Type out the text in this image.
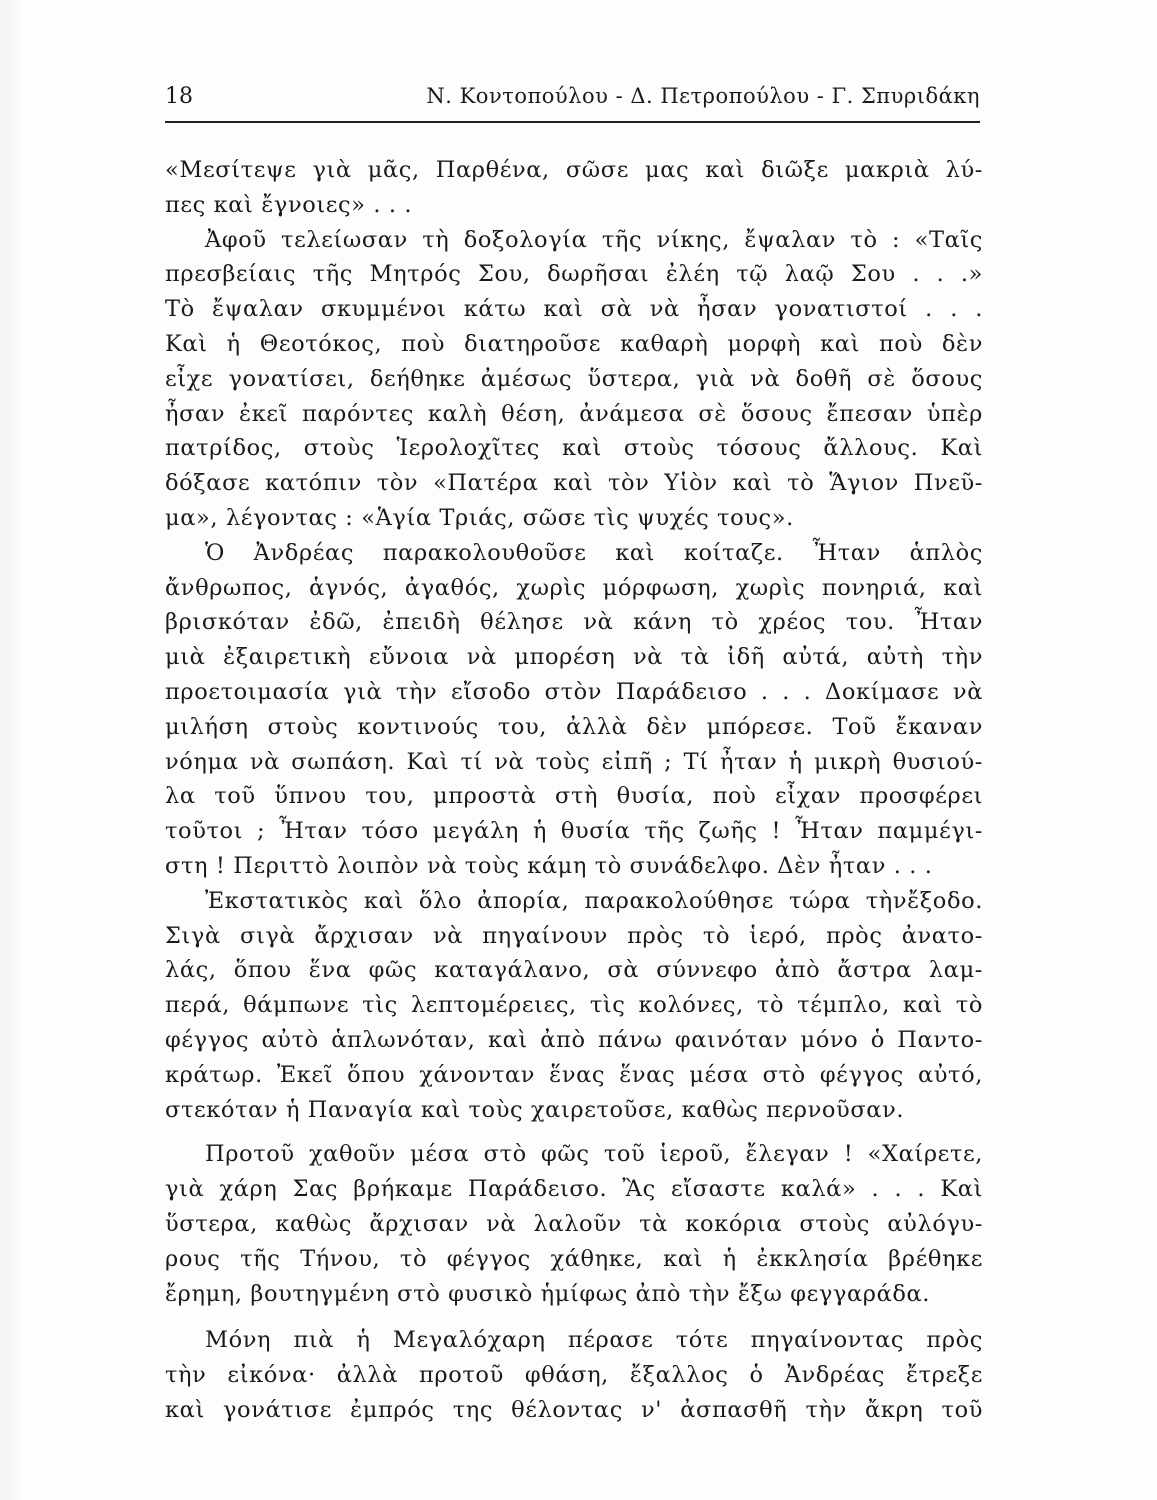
18	Ν. Κοντοπούλου - Δ. Πετροπούλου - Γ. Σπυριδάκη
«Μεσίτεψε γιὰ μᾶς, Παρθένα, σῶσε μας καὶ διῶξε μακριὰ λύ-
πες καὶ ἔγνοιες» . . .
Ἀφοῦ τελείωσαν τὴ δοξολογία τῆς νίκης, ἔψαλαν τὸ : «Ταῖς
πρεσβείαις τῆς Μητρός Σου, δωρῆσαι ἐλέη τῷ λαῷ Σου . . .»
Τὸ ἔψαλαν σκυμμένοι κάτω καὶ σὰ νὰ ἦσαν γονατιστοί . . .
Καὶ ἡ Θεοτόκος, ποὺ διατηροῦσε καθαρὴ μορφὴ καὶ ποὺ δὲν
εἶχε γονατίσει, δεήθηκε ἀμέσως ὕστερα, γιὰ νὰ δοθῆ σὲ ὅσους
ἦσαν ἐκεῖ παρόντες καλὴ θέση, ἀνάμεσα σὲ ὅσους ἔπεσαν ὑπὲρ
πατρίδος, στοὺς Ἱερολοχῖτες καὶ στοὺς τόσους ἄλλους. Καὶ
δόξασε κατόπιν τὸν «Πατέρα καὶ τὸν Υἱὸν καὶ τὸ Ἅγιον Πνεῦ-
μα», λέγοντας : «Ἁγία Τριάς, σῶσε τὶς ψυχές τους».
Ὁ Ἀνδρέας παρακολουθοῦσε καὶ κοίταζε. Ἦταν ἁπλὸς
ἄνθρωπος, ἁγνός, ἀγαθός, χωρὶς μόρφωση, χωρὶς πονηριά, καὶ
βρισκόταν ἐδῶ, ἐπειδὴ θέλησε νὰ κάνη τὸ χρέος του. Ἦταν
μιὰ ἐξαιρετικὴ εὔνοια νὰ μπορέση νὰ τὰ ἰδῆ αὐτά, αὐτὴ τὴν
προετοιμασία γιὰ τὴν εἴσοδο στὸν Παράδεισο . . . Δοκίμασε νὰ
μιλήση στοὺς κοντινούς του, ἀλλὰ δὲν μπόρεσε. Τοῦ ἔκαναν
νόημα νὰ σωπάση. Καὶ τί νὰ τοὺς εἰπῆ ; Τί ἦταν ἡ μικρὴ θυσιού-
λα τοῦ ὕπνου του, μπροστὰ στὴ θυσία, ποὺ εἶχαν προσφέρει
τοῦτοι ; Ἦταν τόσο μεγάλη ἡ θυσία τῆς ζωῆς ! Ἦταν παμμέγι-
στη ! Περιττὸ λοιπὸν νὰ τοὺς κάμη τὸ συνάδελφο. Δὲν ἦταν . . .
Ἐκστατικὸς καὶ ὅλο ἀπορία, παρακολούθησε τώρα τὴνἔξοδο.
Σιγὰ σιγὰ ἄρχισαν νὰ πηγαίνουν πρὸς τὸ ἱερό, πρὸς ἀνατο-
λάς, ὅπου ἕνα φῶς καταγάλανο, σὰ σύννεφο ἀπὸ ἄστρα λαμ-
περά, θάμπωνε τὶς λεπτομέρειες, τὶς κολόνες, τὸ τέμπλο, καὶ τὸ
φέγγος αὐτὸ ἁπλωνόταν, καὶ ἀπὸ πάνω φαινόταν μόνο ὁ Παντο-
κράτωρ. Ἐκεῖ ὅπου χάνονταν ἕνας ἕνας μέσα στὸ φέγγος αὐτό,
στεκόταν ἡ Παναγία καὶ τοὺς χαιρετοῦσε, καθὼς περνοῦσαν.
Προτοῦ χαθοῦν μέσα στὸ φῶς τοῦ ἱεροῦ, ἔλεγαν ! «Χαίρετε,
γιὰ χάρη Σας βρήκαμε Παράδεισο. Ἂς εἴσαστε καλά» . . . Καὶ
ὕστερα, καθὼς ἄρχισαν νὰ λαλοῦν τὰ κοκόρια στοὺς αὐλόγυ-
ρους τῆς Τήνου, τὸ φέγγος χάθηκε, καὶ ἡ ἐκκλησία βρέθηκε
ἔρημη, βουτηγμένη στὸ φυσικὸ ἡμίφως ἀπὸ τὴν ἔξω φεγγαράδα.
Μόνη πιὰ ἡ Μεγαλόχαρη πέρασε τότε πηγαίνοντας πρὸς
τὴν εἰκόνα· ἀλλὰ προτοῦ φθάση, ἔξαλλος ὁ Ἀνδρέας ἔτρεξε
καὶ γονάτισε ἐμπρός της θέλοντας ν' ἀσπασθῆ τὴν ἄκρη τοῦ
